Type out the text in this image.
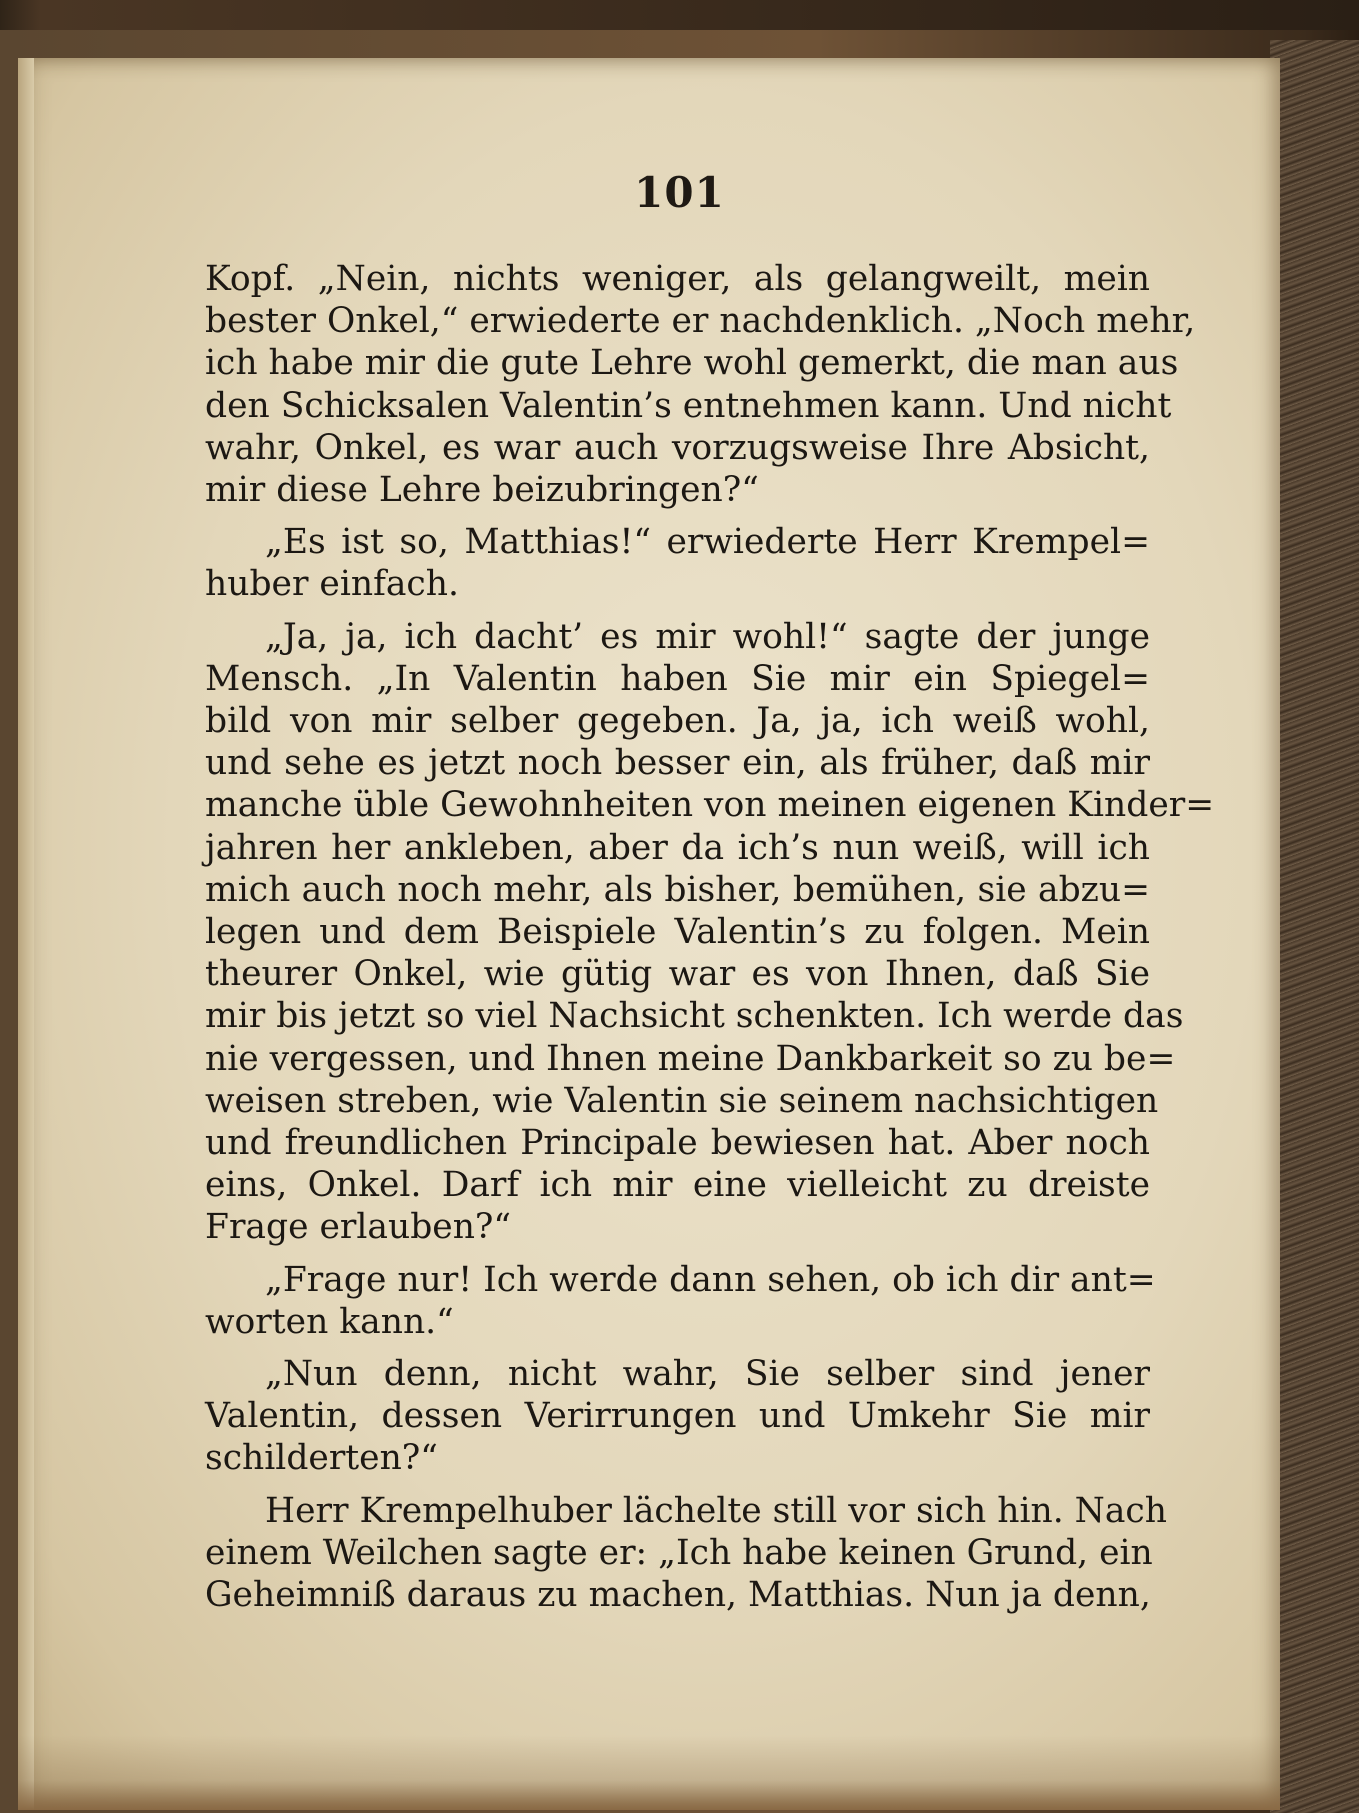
101
Kopf. „Nein, nichts weniger, als gelangweilt, mein
bester Onkel,“ erwiederte er nachdenklich. „Noch mehr,
ich habe mir die gute Lehre wohl gemerkt, die man aus
den Schicksalen Valentin’s entnehmen kann. Und nicht
wahr, Onkel, es war auch vorzugsweise Ihre Absicht,
mir diese Lehre beizubringen?“
„Es ist so, Matthias!“ erwiederte Herr Krempel=
huber einfach.
„Ja, ja, ich dacht’ es mir wohl!“ sagte der junge
Mensch. „In Valentin haben Sie mir ein Spiegel=
bild von mir selber gegeben. Ja, ja, ich weiß wohl,
und sehe es jetzt noch besser ein, als früher, daß mir
manche üble Gewohnheiten von meinen eigenen Kinder=
jahren her ankleben, aber da ich’s nun weiß, will ich
mich auch noch mehr, als bisher, bemühen, sie abzu=
legen und dem Beispiele Valentin’s zu folgen. Mein
theurer Onkel, wie gütig war es von Ihnen, daß Sie
mir bis jetzt so viel Nachsicht schenkten. Ich werde das
nie vergessen, und Ihnen meine Dankbarkeit so zu be=
weisen streben, wie Valentin sie seinem nachsichtigen
und freundlichen Principale bewiesen hat. Aber noch
eins, Onkel. Darf ich mir eine vielleicht zu dreiste
Frage erlauben?“
„Frage nur! Ich werde dann sehen, ob ich dir ant=
worten kann.“
„Nun denn, nicht wahr, Sie selber sind jener
Valentin, dessen Verirrungen und Umkehr Sie mir
schilderten?“
Herr Krempelhuber lächelte still vor sich hin. Nach
einem Weilchen sagte er: „Ich habe keinen Grund, ein
Geheimniß daraus zu machen, Matthias. Nun ja denn,
